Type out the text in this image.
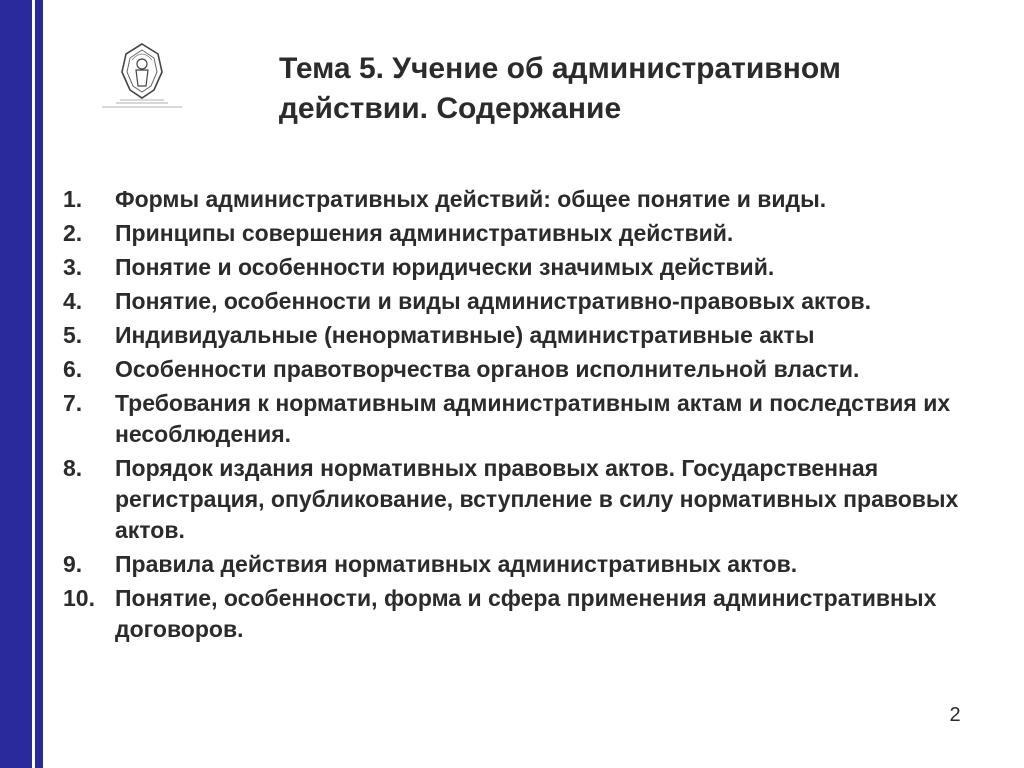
Тема 5. Учение об административном
действии. Содержание
1.	Формы административных действий: общее понятие и виды.
2.	Принципы совершения административных действий.
3.	Понятие и особенности юридически значимых действий.
4.	Понятие, особенности и виды административно-правовых актов.
5.	Индивидуальные (ненормативные) административные акты
6.	Особенности правотворчества органов исполнительной власти.
7.	Требования к нормативным административным актам и последствия их несоблюдения.
8.	Порядок издания нормативных правовых актов. Государственная регистрация, опубликование, вступление в силу нормативных правовых актов.
9.	Правила действия нормативных административных актов.
10. Понятие, особенности, форма и сфера применения административных договоров.
2
